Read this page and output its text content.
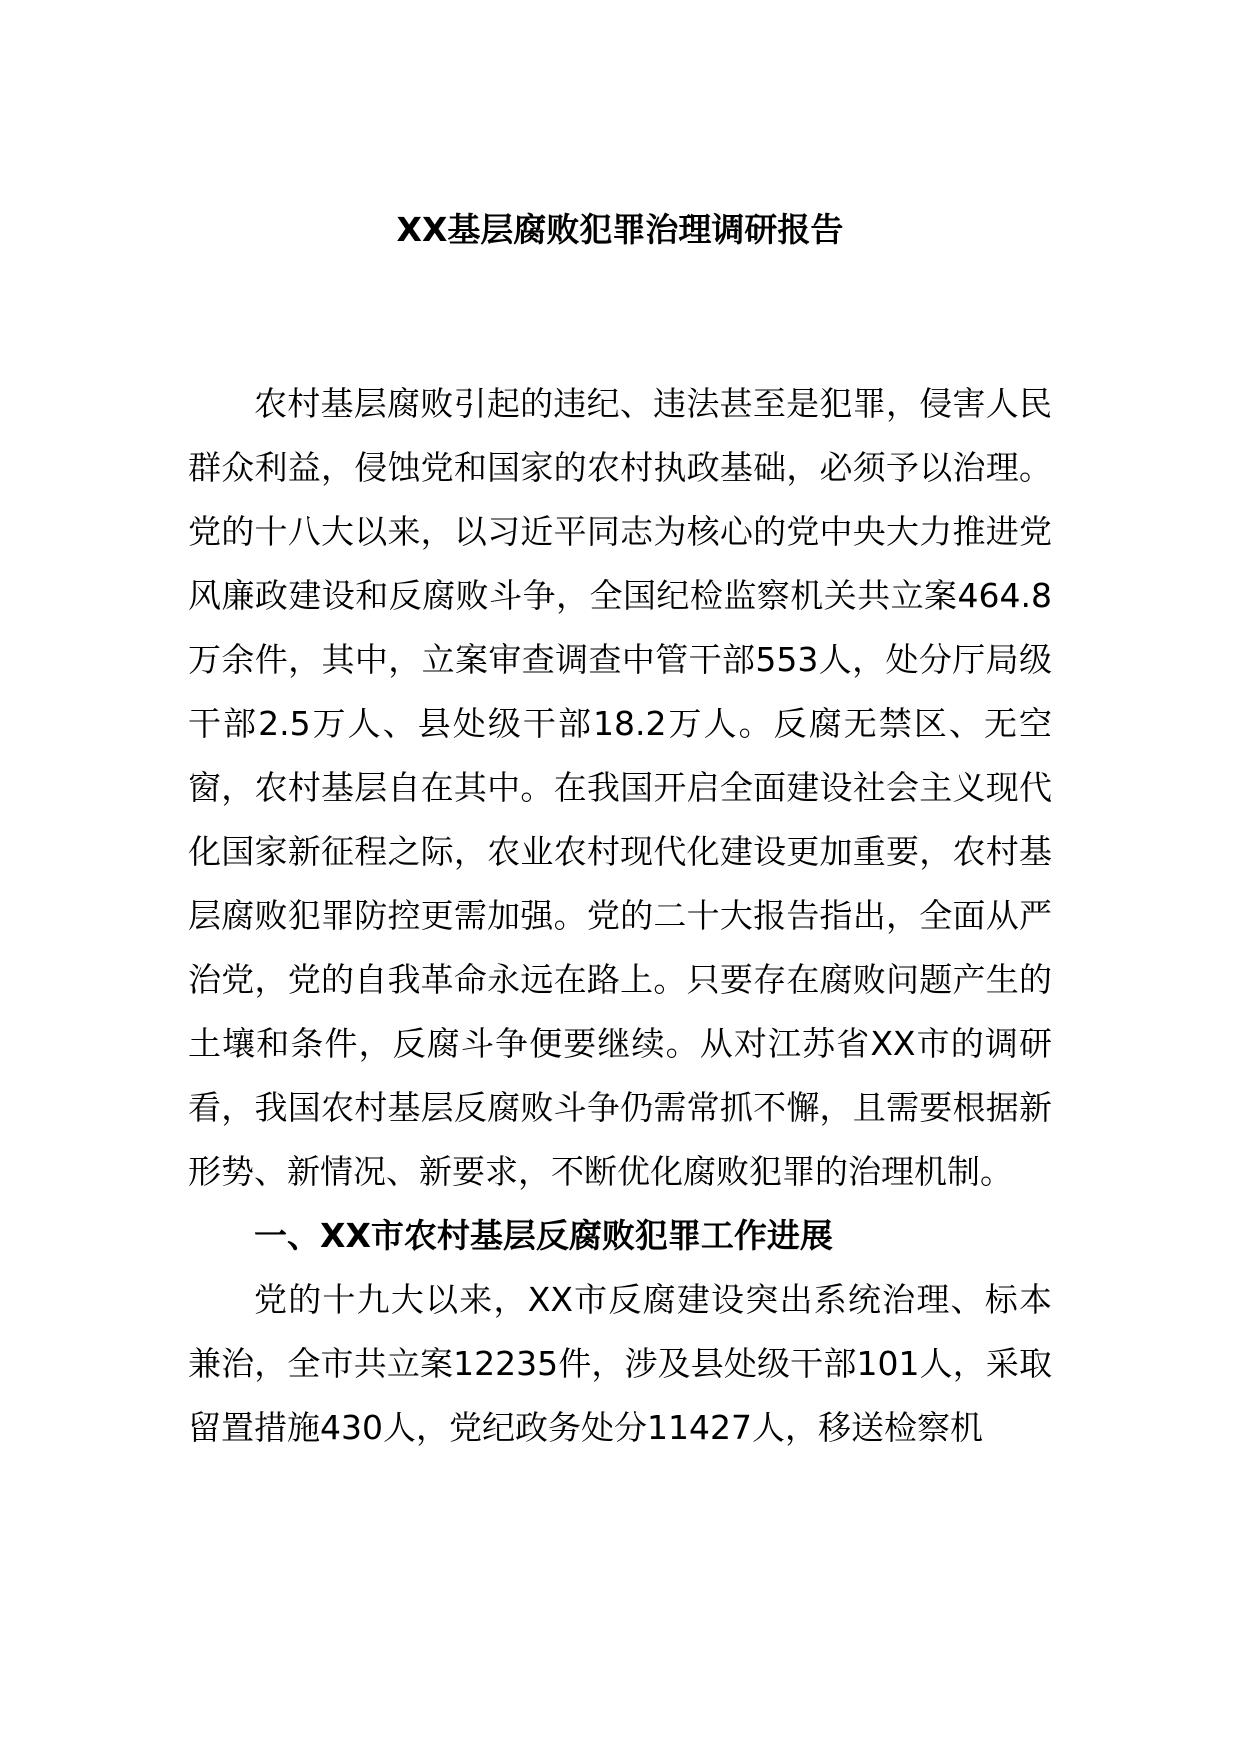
XX基层腐败犯罪治理调研报告

农村基层腐败引起的违纪、违法甚至是犯罪，侵害人民群众利益，侵蚀党和国家的农村执政基础，必须予以治理。党的十八大以来，以习近平同志为核心的党中央大力推进党风廉政建设和反腐败斗争，全国纪检监察机关共立案464.8万余件，其中，立案审查调查中管干部553人，处分厅局级干部2.5万人、县处级干部18.2万人。反腐无禁区、无空窗，农村基层自在其中。在我国开启全面建设社会主义现代化国家新征程之际，农业农村现代化建设更加重要，农村基层腐败犯罪防控更需加强。党的二十大报告指出，全面从严治党，党的自我革命永远在路上。只要存在腐败问题产生的土壤和条件，反腐斗争便要继续。从对江苏省XX市的调研看，我国农村基层反腐败斗争仍需常抓不懈，且需要根据新形势、新情况、新要求，不断优化腐败犯罪的治理机制。

一、XX市农村基层反腐败犯罪工作进展

党的十九大以来，XX市反腐建设突出系统治理、标本兼治，全市共立案12235件，涉及县处级干部101人，采取留置措施430人，党纪政务处分11427人，移送检察机
